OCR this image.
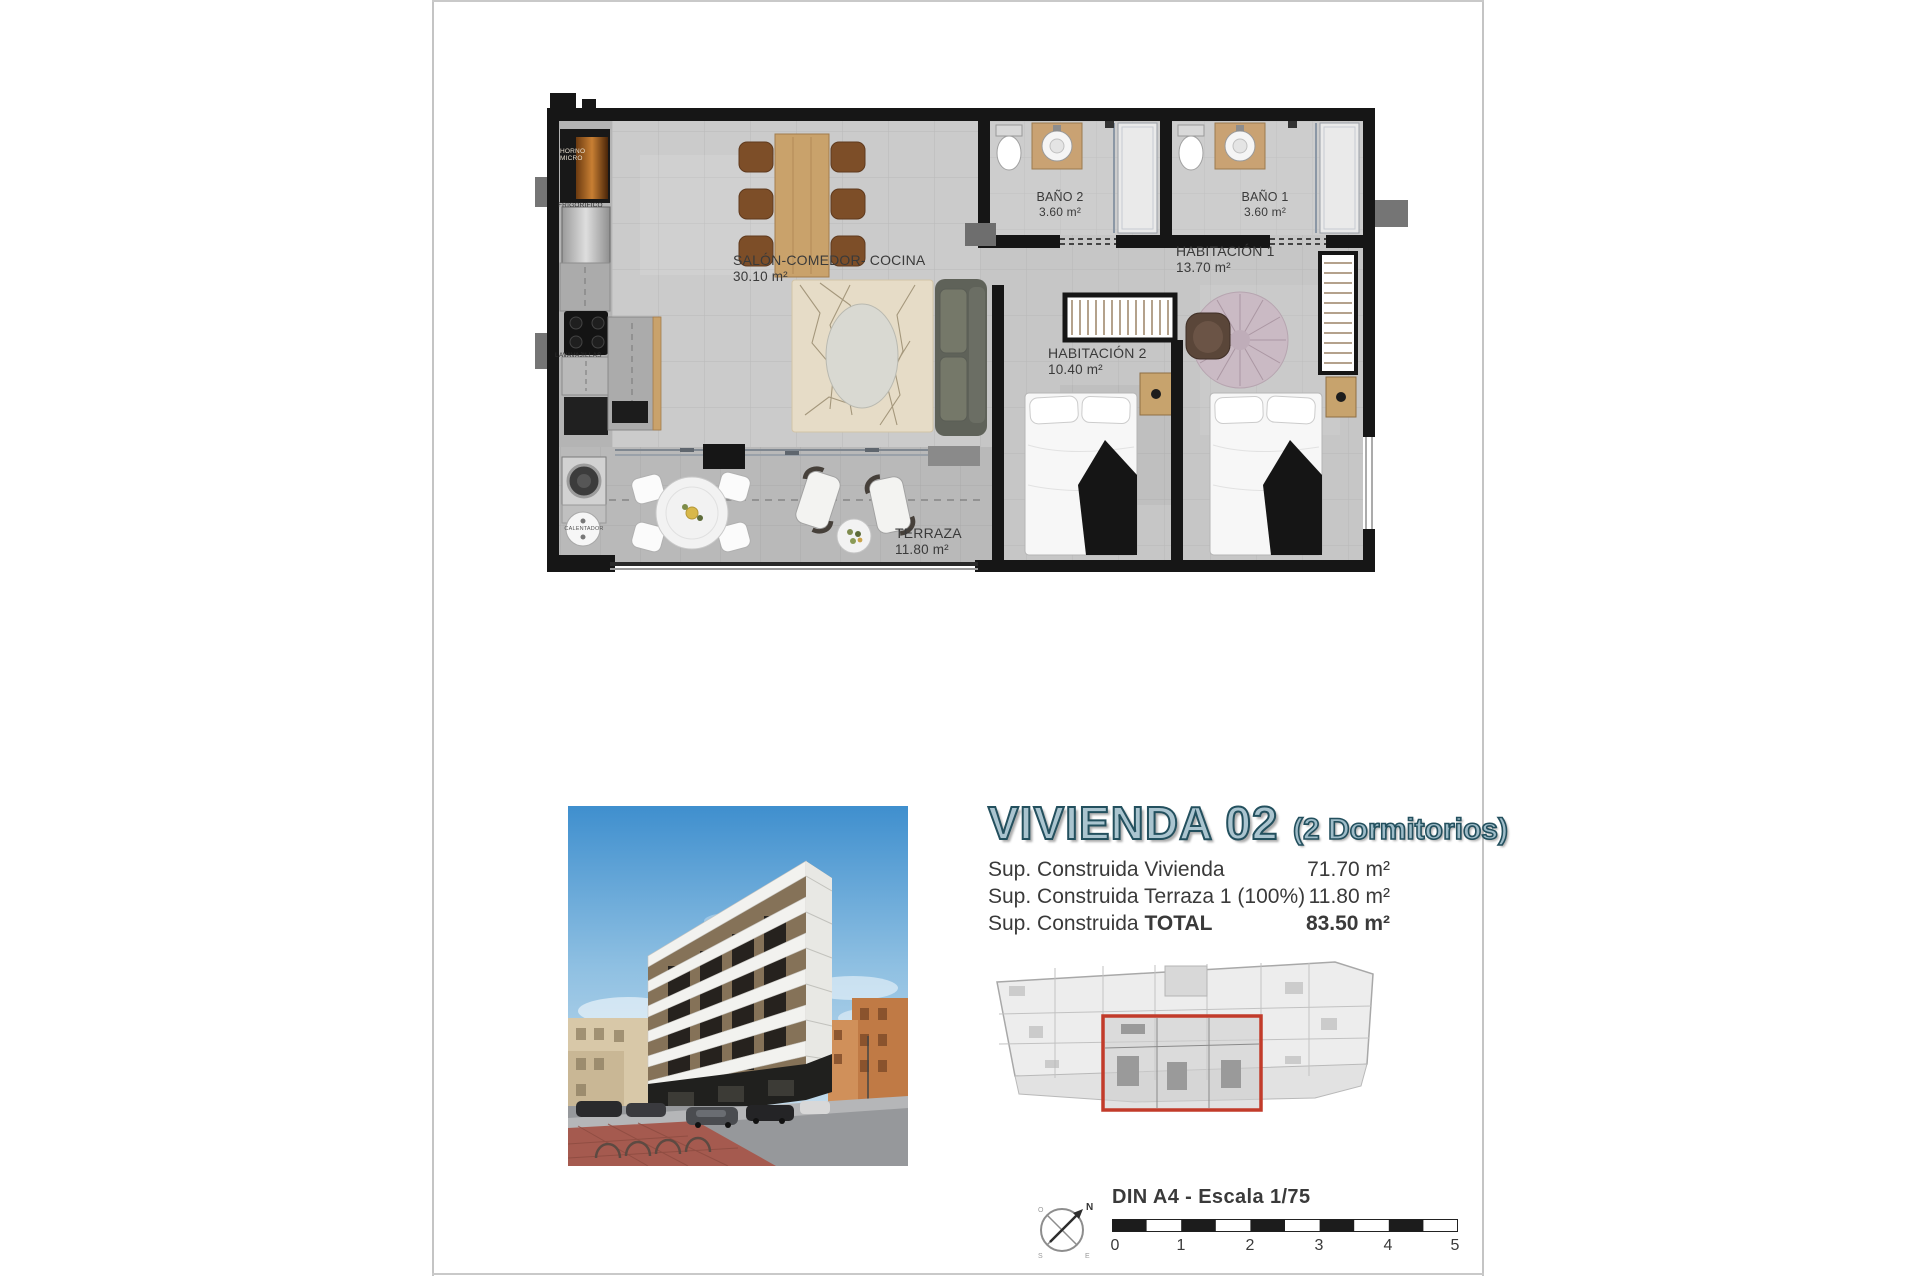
SALÓN-COMEDOR- COCINA
30.10 m²
BAÑO 2
3.60 m²
BAÑO 1
3.60 m²
HABITACIÓN 1
13.70 m²
HABITACIÓN 2
10.40 m²
TERRAZA
11.80 m²
HORNO
MICRO
FRIGORIFICO
LAVAVAJILLAS
CALENTADOR
VIVIENDA 02 (2 Dormitorios)
Sup. Construida Vivienda	71.70 m²
Sup. Construida Terraza 1 (100%) 11.80 m²
Sup. Construida TOTAL	83.50 m²
N
O
S	E
DIN A4 - Escala 1/75
0	1	2	3	4	5
